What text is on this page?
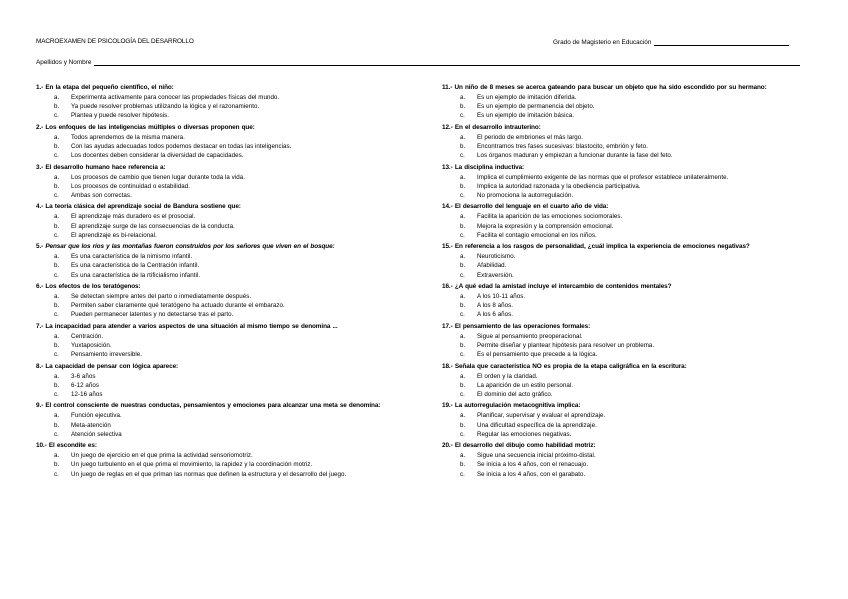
MACROEXAMEN DE PSICOLOGÍA DEL DESARROLLO	Grado de Magisterio en Educación
Apellidos y Nombre
1.- En la etapa del pequeño científico, el niño:
a.	Experimenta activamente para conocer las propiedades físicas del mundo.
b.	Ya puede resolver problemas utilizando la lógica y el razonamiento.
c.	Plantea y puede resolver hipótesis.
2.- Los enfoques de las inteligencias múltiples o diversas proponen que:
a.	Todos aprendemos de la misma manera.
b.	Con las ayudas adecuadas todos podemos destacar en todas las inteligencias.
c.	Los docentes deben considerar la diversidad de capacidades.
3.- El desarrollo humano hace referencia a:
a.	Los procesos de cambio que tienen lugar durante toda la vida.
b.	Los procesos de continuidad o estabilidad.
c.	Ambas son correctas.
4.- La teoría clásica del aprendizaje social de Bandura sostiene que:
a.	El aprendizaje más duradero es el prosocial.
b.	El aprendizaje surge de las consecuencias de la conducta.
c.	El aprendizaje es bi-relacional.
5.- Pensar que los ríos y las montañas fueron construidos por los señores que viven en el bosque:
a.	Es una característica de la nimismo infantil.
b.	Es una característica de la Centración infantil.
c.	Es una característica de la rtificialismo infantil.
6.- Los efectos de los teratógenos:
a.	Se detectan siempre antes del parto o inmediatamente después.
b.	Permiten saber claramente qué teratógeno ha actuado durante el embarazo.
c.	Pueden permanecer latentes y no detectarse tras el parto.
7.- La incapacidad para atender a varios aspectos de una situación al mismo tiempo se denomina ...
a.	Centración.
b.	Yuxtaposición.
c.	Pensamiento irreversible.
8.- La capacidad de pensar con lógica aparece:
a.	3-6 años
b.	6-12 años
c.	12-16 años
9.- El control consciente de nuestras conductas, pensamientos y emociones para alcanzar una meta se denomina:
a.	Función ejecutiva.
b.	Meta-atención
c.	Atención selectiva
10.- El escondite es:
a.	Un juego de ejercicio en el que prima la actividad sensoriomotriz.
b.	Un juego turbulento en el que prima el movimiento, la rapidez y la coordinación motriz.
c.	Un juego de reglas en el que priman las normas que definen la estructura y el desarrollo del juego.
11.- Un niño de 8 meses se acerca gateando para buscar un objeto que ha sido escondido por su hermano:
a.	Es un ejemplo de imitación diferida.
b.	Es un ejemplo de permanencia del objeto.
c.	Es un ejemplo de imitación básica.
12.- En el desarrollo intrauterino:
a.	El periodo de embriones el más largo.
b.	Encontramos tres fases sucesivas: blastocito, embrión y feto.
c.	Los órganos maduran y empiezan a funcionar durante la fase del feto.
13.- La disciplina inductiva:
a.	Implica el cumplimiento exigente de las normas que el profesor establece unilateralmente.
b.	Implica la autoridad razonada y la obediencia participativa.
c.	No promociona la autorregulación.
14.- El desarrollo del lenguaje en el cuarto año de vida:
a.	Facilita la aparición de las emociones sociomorales.
b.	Mejora la expresión y la comprensión emocional.
c.	Facilita el contagio emocional en los niños.
15.- En referencia a los rasgos de personalidad, ¿cuál implica la experiencia de emociones negativas?
a.	Neuroticismo.
b.	Afabilidad.
c.	Extraversión.
16.- ¿A qué edad la amistad incluye el intercambio de contenidos mentales?
a.	A los 10-11 años.
b.	A los 8 años.
c.	A los 6 años.
17.- El pensamiento de las operaciones formales:
a.	Sigue al pensamiento preoperacional.
b.	Permite diseñar y plantear hipótesis para resolver un problema.
c.	Es el pensamiento que precede a la lógica.
18.- Señala que característica NO es propia de la etapa caligráfica en la escritura:
a.	El orden y la claridad.
b.	La aparición de un estilo personal.
c.	El dominio del acto gráfico.
19.- La autorregulación metacognitiva implica:
a.	Planificar, supervisar y evaluar el aprendizaje.
b.	Una dificultad específica de la aprendizaje.
c.	Regular las emociones negativas.
20.- El desarrollo del dibujo como habilidad motriz:
a.	Sigue una secuencia inicial próximo-distal.
b.	Se inicia a los 4 años, con el renacuajo.
c.	Se inicia a los 4 años, con el garabato.
